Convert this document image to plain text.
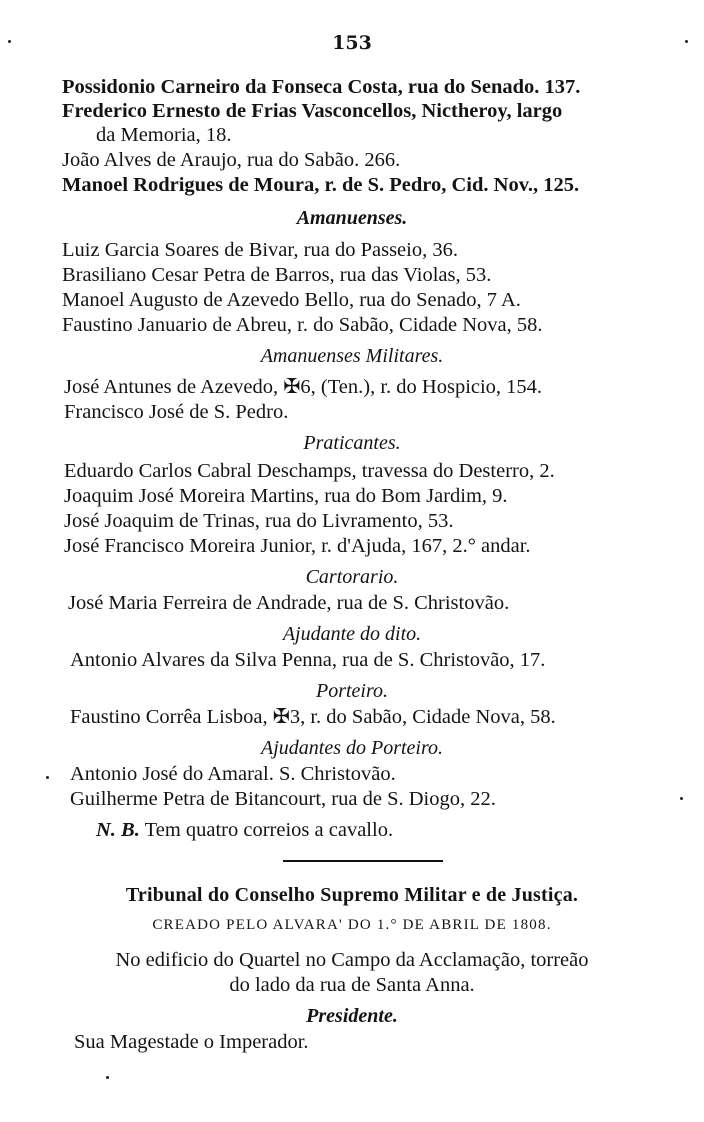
153
Possidonio Carneiro da Fonseca Costa, rua do Senado. 137.
Frederico Ernesto de Frias Vasconcellos, Nictheroy, largo
da Memoria, 18.
João Alves de Araujo, rua do Sabão. 266.
Manoel Rodrigues de Moura, r. de S. Pedro, Cid. Nov., 125.
Amanuenses.
Luiz Garcia Soares de Bivar, rua do Passeio, 36.
Brasiliano Cesar Petra de Barros, rua das Violas, 53.
Manoel Augusto de Azevedo Bello, rua do Senado, 7 A.
Faustino Januario de Abreu, r. do Sabão, Cidade Nova, 58.
Amanuenses Militares.
José Antunes de Azevedo, ✠6, (Ten.), r. do Hospicio, 154.
Francisco José de S. Pedro.
Praticantes.
Eduardo Carlos Cabral Deschamps, travessa do Desterro, 2.
Joaquim José Moreira Martins, rua do Bom Jardim, 9.
José Joaquim de Trinas, rua do Livramento, 53.
José Francisco Moreira Junior, r. d'Ajuda, 167, 2.° andar.
Cartorario.
José Maria Ferreira de Andrade, rua de S. Christovão.
Ajudante do dito.
Antonio Alvares da Silva Penna, rua de S. Christovão, 17.
Porteiro.
Faustino Corrêa Lisboa, ✠3, r. do Sabão, Cidade Nova, 58.
Ajudantes do Porteiro.
Antonio José do Amaral. S. Christovão.
Guilherme Petra de Bitancourt, rua de S. Diogo, 22.
N. B. Tem quatro correios a cavallo.
Tribunal do Conselho Supremo Militar e de Justiça.
CREADO PELO ALVARA' DO 1.° DE ABRIL DE 1808.
No edificio do Quartel no Campo da Acclamação, torreão
do lado da rua de Santa Anna.
Presidente.
Sua Magestade o Imperador.
